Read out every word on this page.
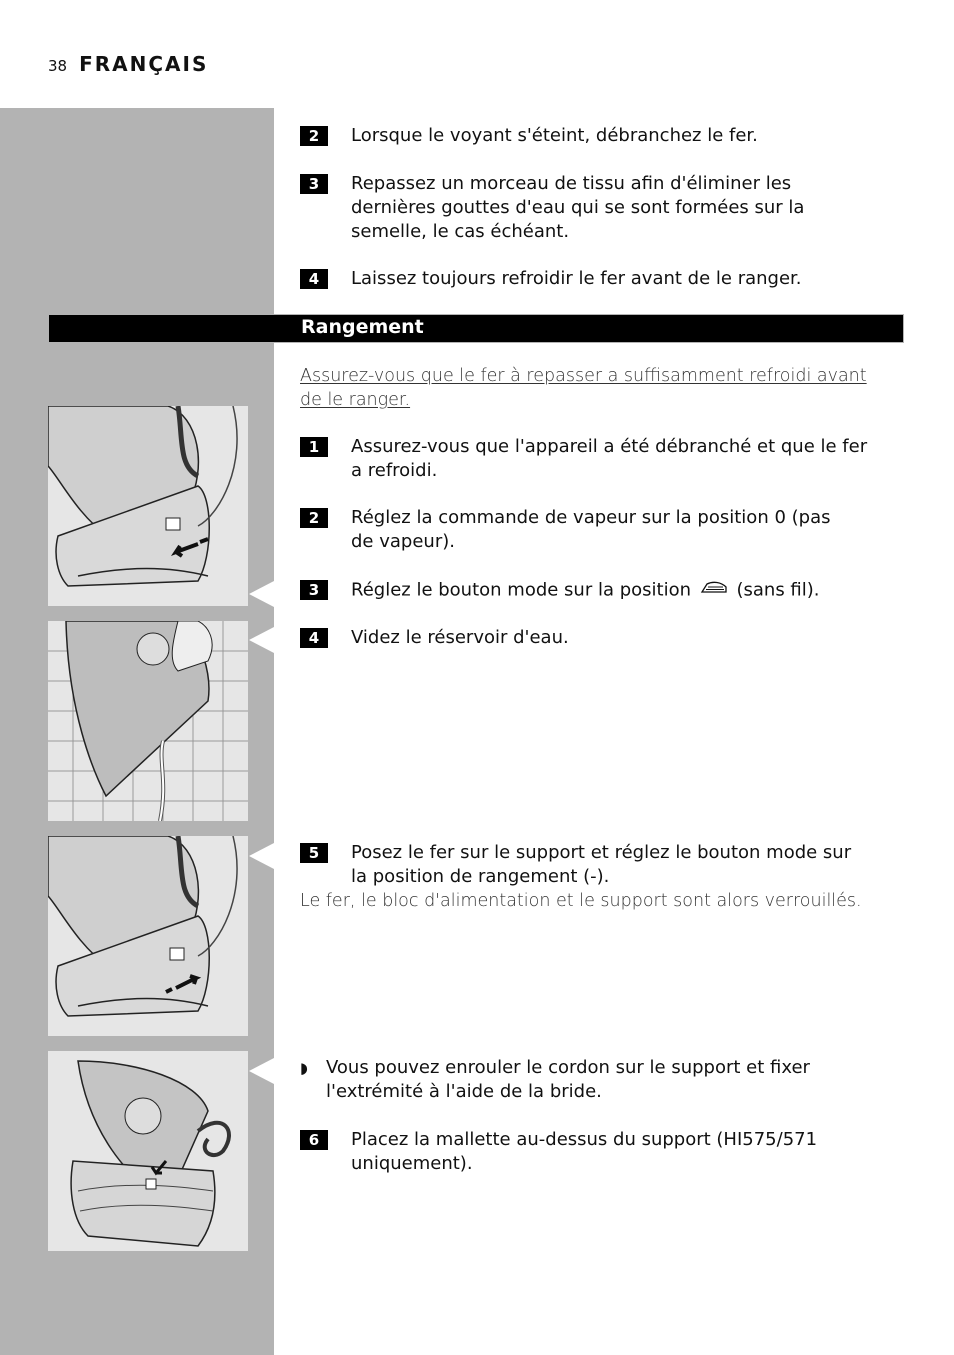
38 FRANÇAIS
2	Lorsque le voyant s'éteint, débranchez le fer.
3	Repassez un morceau de tissu afin d'éliminer les dernières gouttes d'eau qui se sont formées sur la semelle, le cas échéant.
4	Laissez toujours refroidir le fer avant de le ranger.
Rangement
Assurez-vous que le fer à repasser a suffisamment refroidi avant de le ranger.
1	Assurez-vous que l'appareil a été débranché et que le fer a refroidi.
2	Réglez la commande de vapeur sur la position 0 (pas de vapeur).
3	Réglez le bouton mode sur la position	(sans fil).
4	Videz le réservoir d'eau.
5	Posez le fer sur le support et réglez le bouton mode sur la position de rangement (-).
Le fer, le bloc d'alimentation et le support sont alors verrouillés.
◗ Vous pouvez enrouler le cordon sur le support et fixer l'extrémité à l'aide de la bride.
6	Placez la mallette au-dessus du support (HI575/571 uniquement).
